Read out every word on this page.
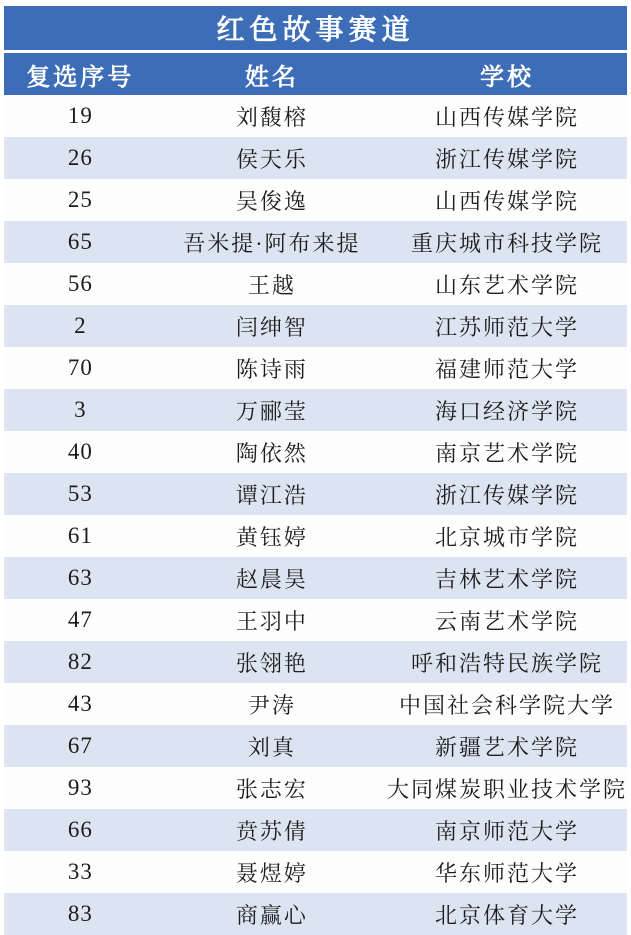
红色故事赛道
复选序号	姓名	学校
19	刘馥榕	山西传媒学院
26	侯天乐	浙江传媒学院
25	吴俊逸	山西传媒学院
65	吾米提·阿布来提	重庆城市科技学院
56	王越	山东艺术学院
2	闫绅智	江苏师范大学
70	陈诗雨	福建师范大学
3	万郦莹	海口经济学院
40	陶依然	南京艺术学院
53	谭江浩	浙江传媒学院
61	黄钰婷	北京城市学院
63	赵晨昊	吉林艺术学院
47	王羽中	云南艺术学院
82	张翎艳	呼和浩特民族学院
43	尹涛	中国社会科学院大学
67	刘真	新疆艺术学院
93	张志宏	大同煤炭职业技术学院
66	贲苏倩	南京师范大学
33	聂煜婷	华东师范大学
83	商赢心	北京体育大学
